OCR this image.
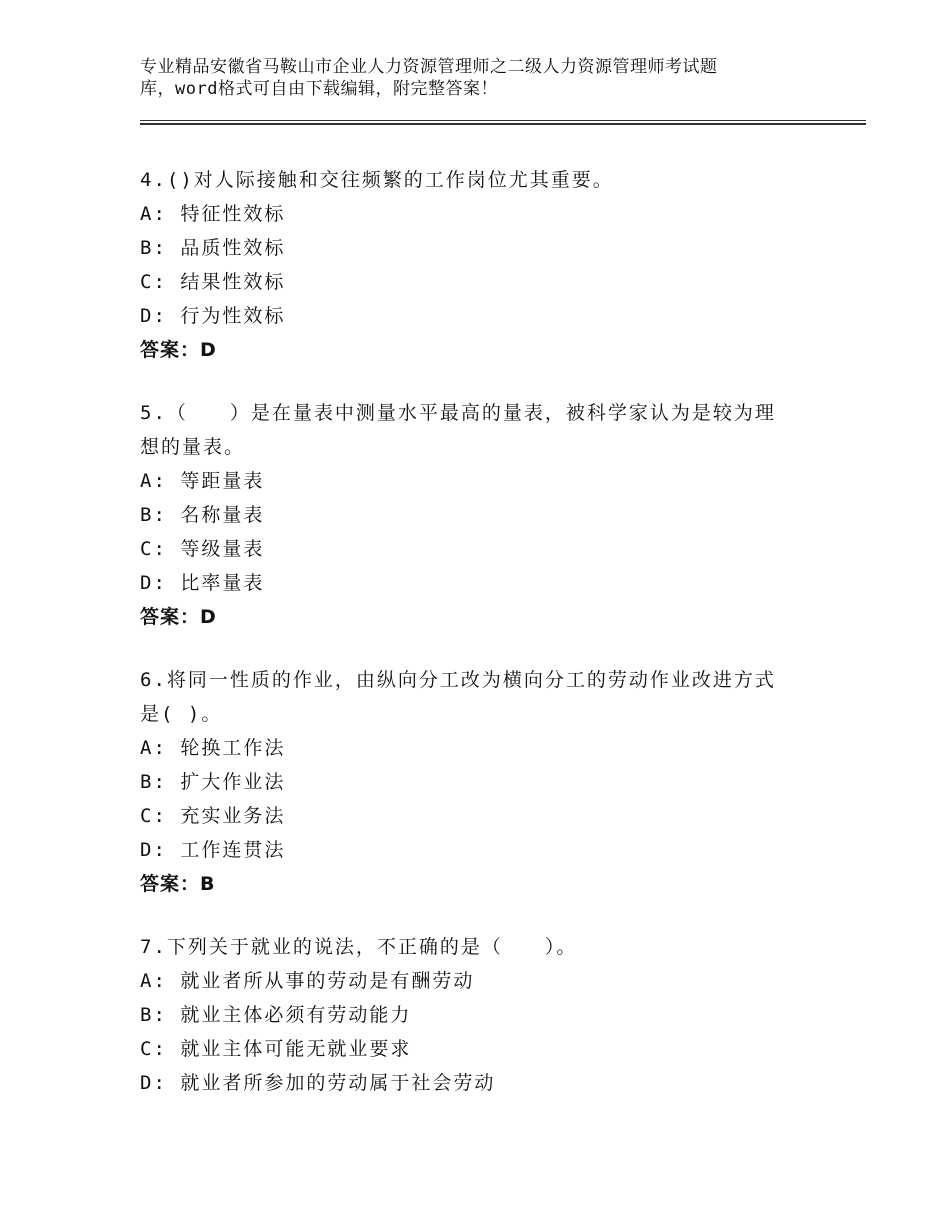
专业精品安徽省马鞍山市企业人力资源管理师之二级人力资源管理师考试题
库，word格式可自由下载编辑，附完整答案！
4.()对人际接触和交往频繁的工作岗位尤其重要。
A: 特征性效标
B: 品质性效标
C: 结果性效标
D: 行为性效标
答案：D
5.（　　）是在量表中测量水平最高的量表，被科学家认为是较为理
想的量表。
A: 等距量表
B: 名称量表
C: 等级量表
D: 比率量表
答案：D
6.将同一性质的作业，由纵向分工改为横向分工的劳动作业改进方式
是( )。
A: 轮换工作法
B: 扩大作业法
C: 充实业务法
D: 工作连贯法
答案：B
7.下列关于就业的说法，不正确的是（　　）。
A: 就业者所从事的劳动是有酬劳动
B: 就业主体必须有劳动能力
C: 就业主体可能无就业要求
D: 就业者所参加的劳动属于社会劳动
